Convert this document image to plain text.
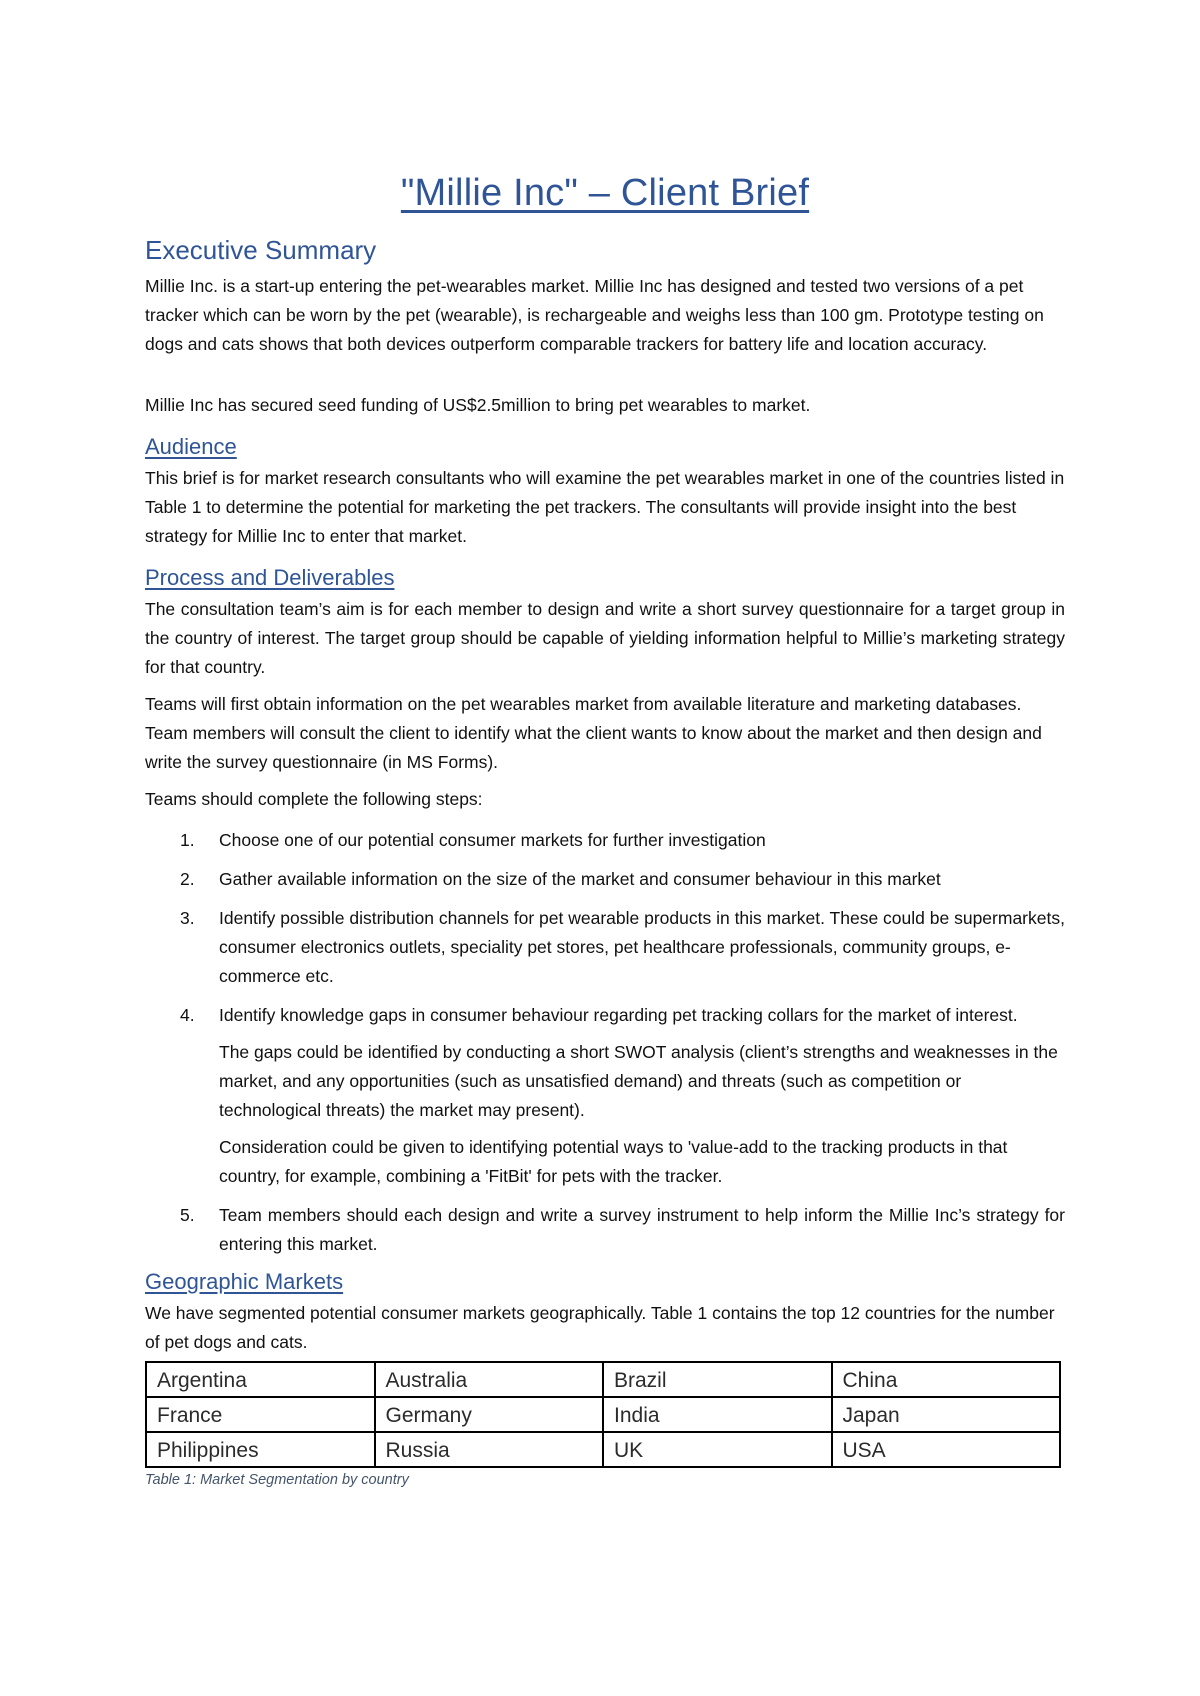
"Millie Inc" – Client Brief
Executive Summary

Millie Inc. is a start-up entering the pet-wearables market. Millie Inc has designed and tested two versions of a pet tracker which can be worn by the pet (wearable), is rechargeable and weighs less than 100 gm. Prototype testing on dogs and cats shows that both devices outperform comparable trackers for battery life and location accuracy.

Millie Inc has secured seed funding of US$2.5million to bring pet wearables to market.

Audience

This brief is for market research consultants who will examine the pet wearables market in one of the countries listed in Table 1 to determine the potential for marketing the pet trackers. The consultants will provide insight into the best strategy for Millie Inc to enter that market.

Process and Deliverables

The consultation team’s aim is for each member to design and write a short survey questionnaire for a target group in the country of interest. The target group should be capable of yielding information helpful to Millie’s marketing strategy for that country.

Teams will first obtain information on the pet wearables market from available literature and marketing databases. Team members will consult the client to identify what the client wants to know about the market and then design and write the survey questionnaire (in MS Forms).

Teams should complete the following steps:

1. Choose one of our potential consumer markets for further investigation
2. Gather available information on the size of the market and consumer behaviour in this market
3. Identify possible distribution channels for pet wearable products in this market. These could be supermarkets, consumer electronics outlets, speciality pet stores, pet healthcare professionals, community groups, e-commerce etc.
4. Identify knowledge gaps in consumer behaviour regarding pet tracking collars for the market of interest.
The gaps could be identified by conducting a short SWOT analysis (client’s strengths and weaknesses in the market, and any opportunities (such as unsatisfied demand) and threats (such as competition or technological threats) the market may present).
Consideration could be given to identifying potential ways to 'value-add to the tracking products in that country, for example, combining a 'FitBit' for pets with the tracker.
5. Team members should each design and write a survey instrument to help inform the Millie Inc’s strategy for entering this market.
Geographic Markets

We have segmented potential consumer markets geographically. Table 1 contains the top 12 countries for the number of pet dogs and cats.

Argentina	Australia	Brazil	China
France	Germany	India	Japan
Philippines	Russia	UK	USA
Table 1: Market Segmentation by country
